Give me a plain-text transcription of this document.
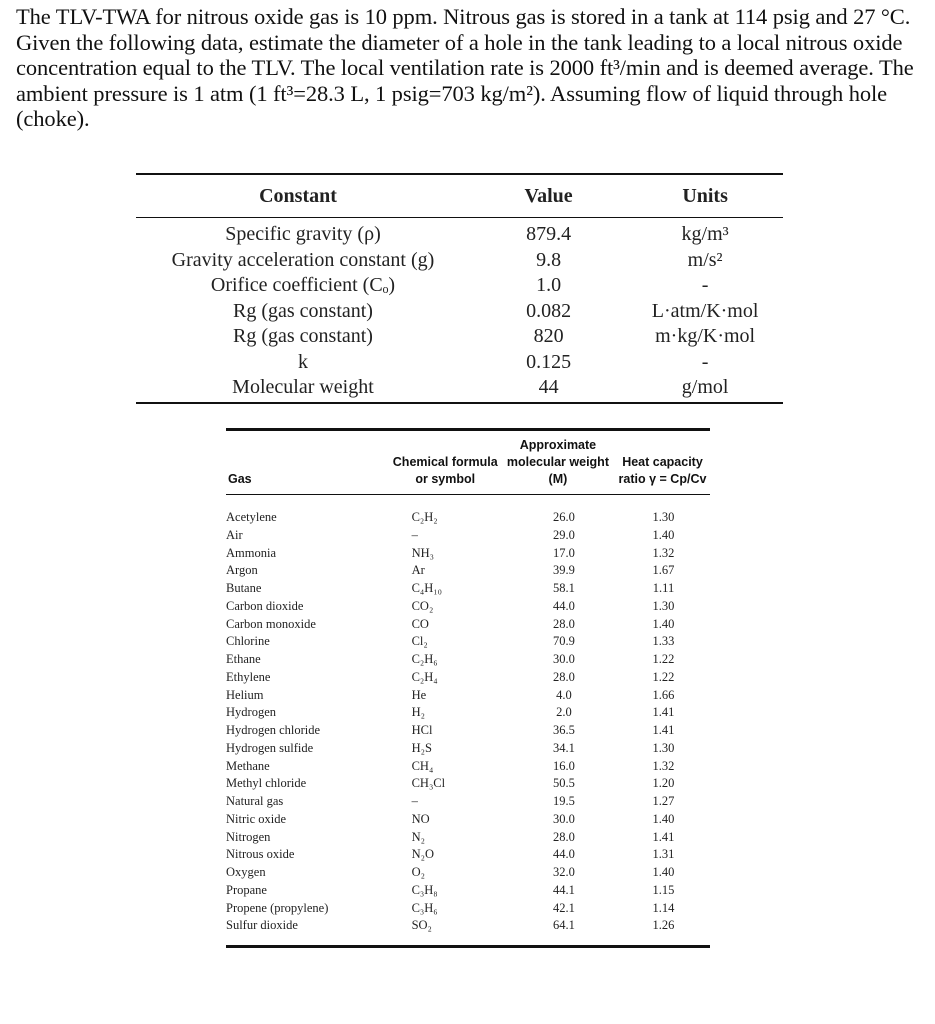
The TLV-TWA for nitrous oxide gas is 10 ppm. Nitrous gas is stored in a tank at 114 psig and 27 °C. Given the following data, estimate the diameter of a hole in the tank leading to a local nitrous oxide concentration equal to the TLV. The local ventilation rate is 2000 ft³/min and is deemed average. The ambient pressure is 1 atm (1 ft³=28.3 L, 1 psig=703 kg/m²). Assuming flow of liquid through hole (choke).

Constant	Value	Units
Specific gravity (ρ)	879.4	kg/m³
Gravity acceleration constant (g)	9.8	m/s²
Orifice coefficient (Cₒ)	1.0	-
Rg (gas constant)	0.082	L·atm/K·mol
Rg (gas constant)	820	m·kg/K·mol
k	0.125	-
Molecular weight	44	g/mol
Gas	Chemical formula or symbol	Approximate molecular weight (M)	Heat capacity ratio γ = Cp/Cv
Acetylene	C₂H₂	26.0	1.30
Air	–	29.0	1.40
Ammonia	NH₃	17.0	1.32
Argon	Ar	39.9	1.67
Butane	C₄H₁₀	58.1	1.11
Carbon dioxide	CO₂	44.0	1.30
Carbon monoxide	CO	28.0	1.40
Chlorine	Cl₂	70.9	1.33
Ethane	C₂H₆	30.0	1.22
Ethylene	C₂H₄	28.0	1.22
Helium	He	4.0	1.66
Hydrogen	H₂	2.0	1.41
Hydrogen chloride	HCl	36.5	1.41
Hydrogen sulfide	H₂S	34.1	1.30
Methane	CH₄	16.0	1.32
Methyl chloride	CH₃Cl	50.5	1.20
Natural gas	–	19.5	1.27
Nitric oxide	NO	30.0	1.40
Nitrogen	N₂	28.0	1.41
Nitrous oxide	N₂O	44.0	1.31
Oxygen	O₂	32.0	1.40
Propane	C₃H₈	44.1	1.15
Propene (propylene)	C₃H₆	42.1	1.14
Sulfur dioxide	SO₂	64.1	1.26
